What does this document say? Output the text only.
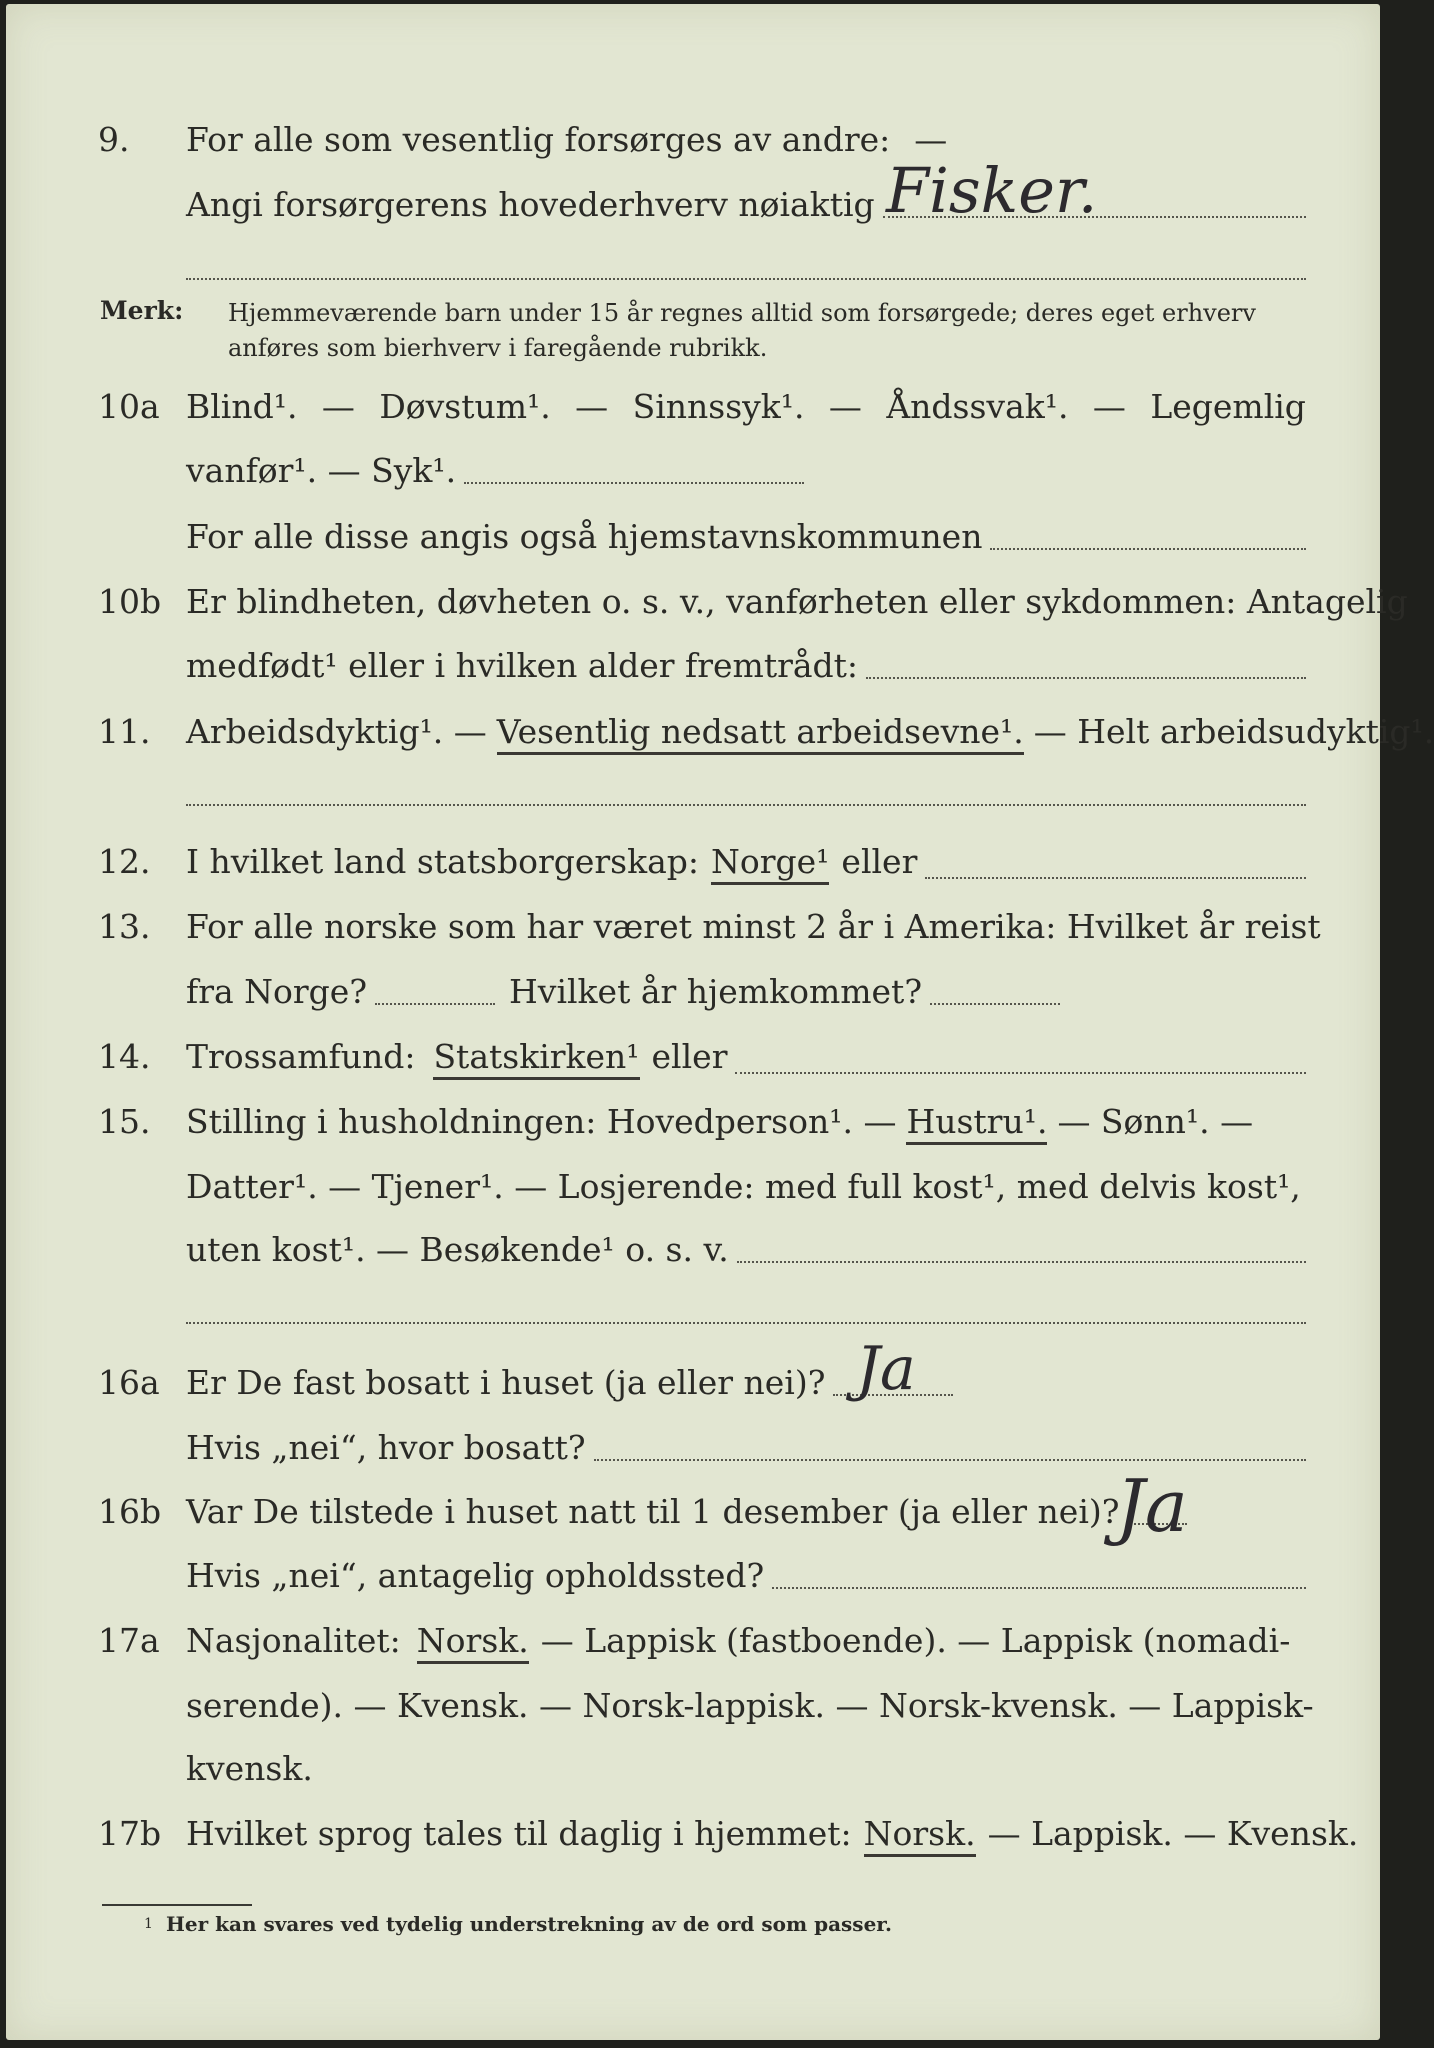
9. For alle som vesentlig forsørges av andre: —
Angi forsørgerens hovederhverv nøiaktig Fisker.
Merk: Hjemmeværende barn under 15 år regnes alltid som forsørgede; deres eget erhverv anføres som bierhverv i faregående rubrikk.
10a Blind¹. — Døvstum¹. — Sinnssyk¹. — Åndssvak¹. — Legemlig
vanfør¹. — Syk¹.
For alle disse angis også hjemstavnskommunen
10b Er blindheten, døvheten o. s. v., vanførheten eller sykdommen: Antagelig
medfødt¹ eller i hvilken alder fremtrådt:
11. Arbeidsdyktig¹. — Vesentlig nedsatt arbeidsevne¹. — Helt arbeidsudyktig¹.
12. I hvilket land statsborgerskap: Norge¹ eller
13. For alle norske som har været minst 2 år i Amerika: Hvilket år reist
fra Norge?	Hvilket år hjemkommet?
14. Trossamfund: Statskirken¹ eller
15. Stilling i husholdningen: Hovedperson¹. — Hustru¹. — Sønn¹. —
Datter¹. — Tjener¹. — Losjerende: med full kost¹, med delvis kost¹,
uten kost¹. — Besøkende¹ o. s. v.
16a Er De fast bosatt i huset (ja eller nei)? Ja
Hvis „nei“, hvor bosatt?
16b Var De tilstede i huset natt til 1 desember (ja eller nei)?
Ja
Hvis „nei“, antagelig opholdssted?
17a Nasjonalitet: Norsk. — Lappisk (fastboende). — Lappisk (nomadi-
serende). — Kvensk. — Norsk-lappisk. — Norsk-kvensk. — Lappisk-
kvensk.
17b Hvilket sprog tales til daglig i hjemmet: Norsk. — Lappisk. — Kvensk.
1 Her kan svares ved tydelig understrekning av de ord som passer.
